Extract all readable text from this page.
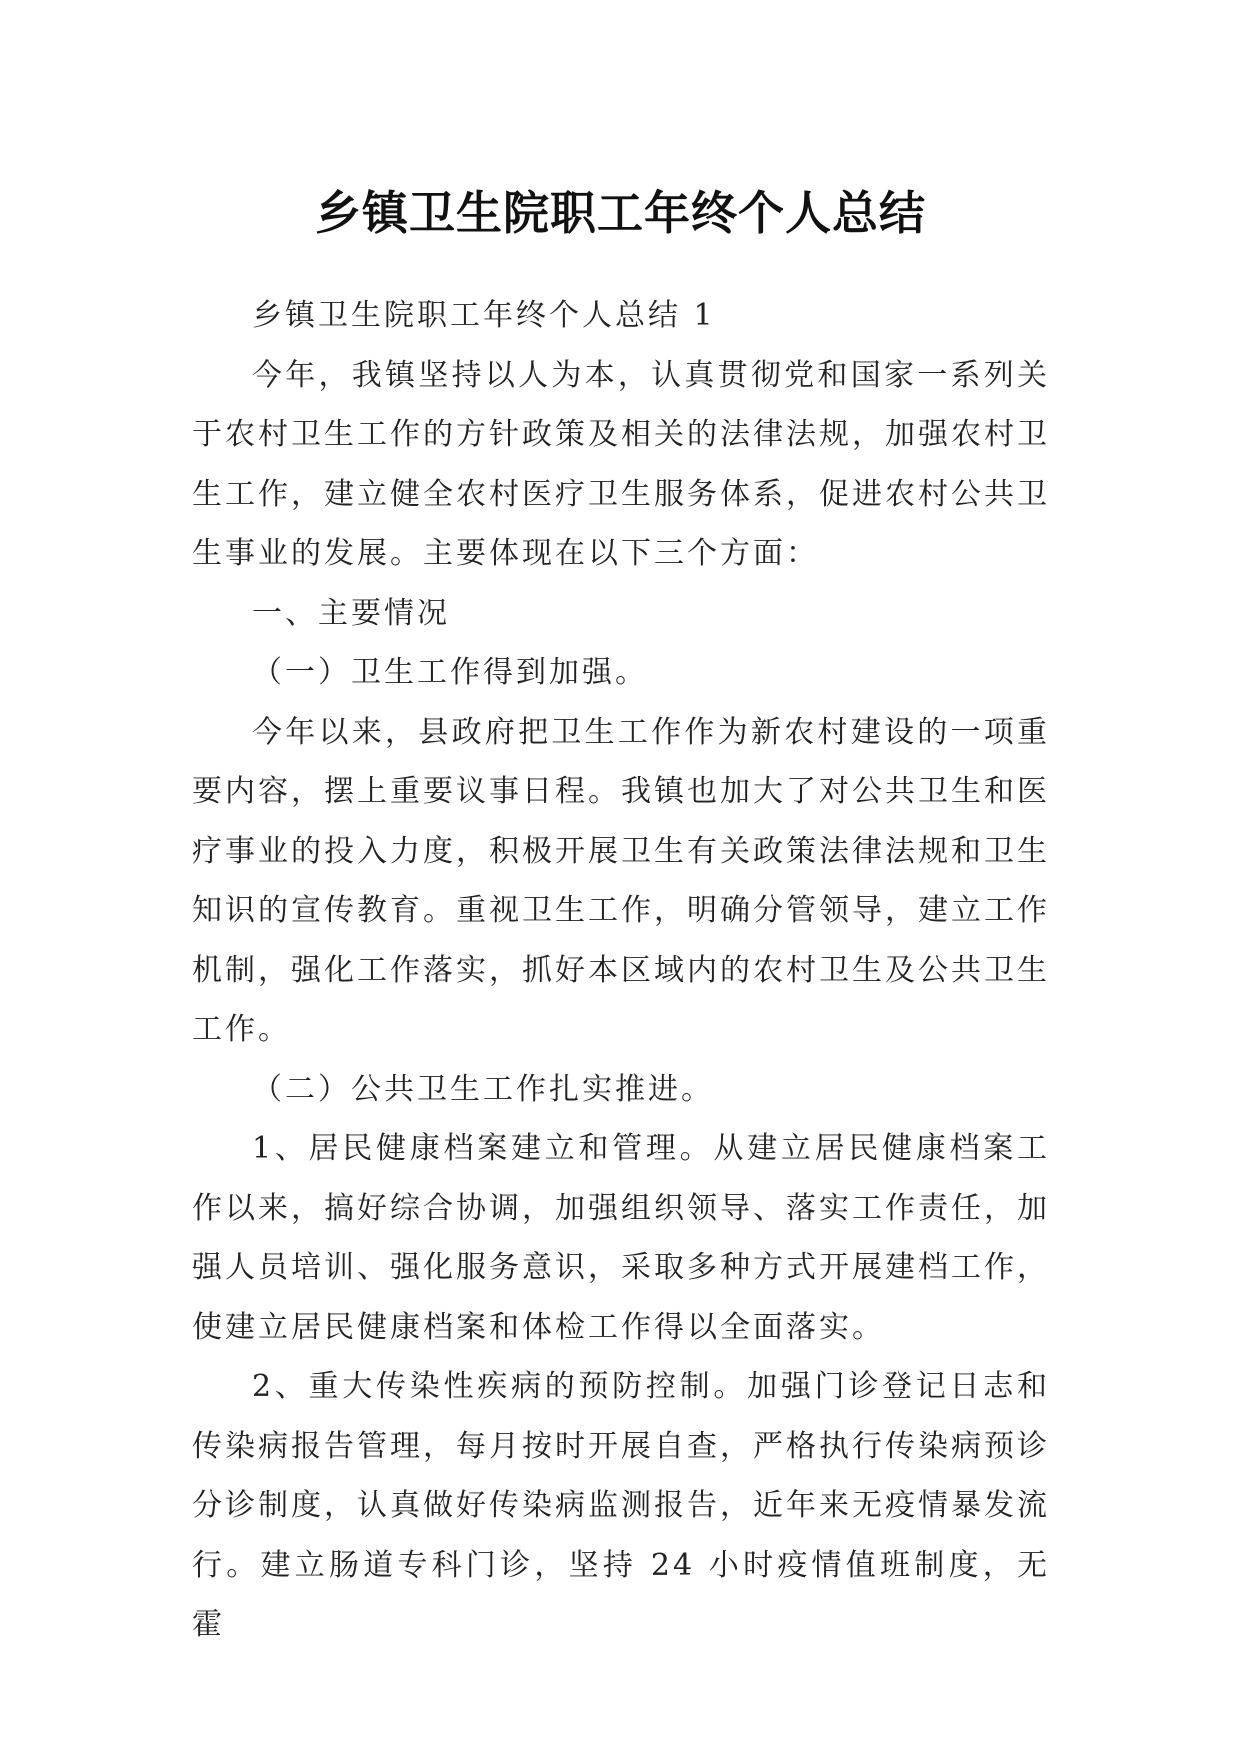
乡镇卫生院职工年终个人总结

乡镇卫生院职工年终个人总结 1

今年，我镇坚持以人为本，认真贯彻党和国家一系列关于农村卫生工作的方针政策及相关的法律法规，加强农村卫生工作，建立健全农村医疗卫生服务体系，促进农村公共卫生事业的发展。主要体现在以下三个方面：

一、主要情况

（一）卫生工作得到加强。

今年以来，县政府把卫生工作作为新农村建设的一项重要内容，摆上重要议事日程。我镇也加大了对公共卫生和医疗事业的投入力度，积极开展卫生有关政策法律法规和卫生知识的宣传教育。重视卫生工作，明确分管领导，建立工作机制，强化工作落实，抓好本区域内的农村卫生及公共卫生工作。

（二）公共卫生工作扎实推进。

1、居民健康档案建立和管理。从建立居民健康档案工作以来，搞好综合协调，加强组织领导、落实工作责任，加强人员培训、强化服务意识，采取多种方式开展建档工作，使建立居民健康档案和体检工作得以全面落实。

2、重大传染性疾病的预防控制。加强门诊登记日志和传染病报告管理，每月按时开展自查，严格执行传染病预诊分诊制度，认真做好传染病监测报告，近年来无疫情暴发流行。建立肠道专科门诊，坚持 24 小时疫情值班制度，无霍
